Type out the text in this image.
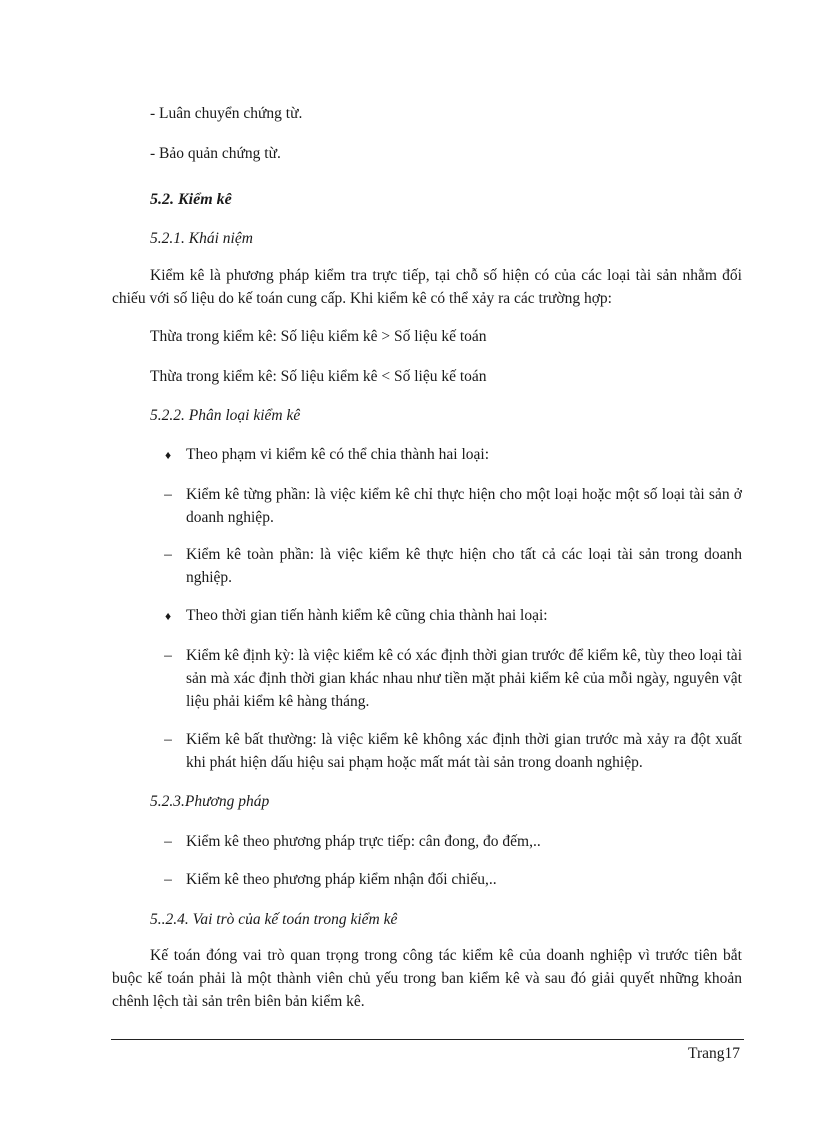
- Luân chuyển chứng từ.
- Bảo quản chứng từ.
5.2. Kiểm kê
5.2.1. Khái niệm
Kiểm kê là phương pháp kiểm tra trực tiếp, tại chỗ số hiện có của các loại tài sản nhằm đối chiếu với số liệu do kế toán cung cấp. Khi kiểm kê có thể xảy ra các trường hợp:
Thừa trong kiểm kê: Số liệu kiểm kê > Số liệu kế toán
Thừa trong kiểm kê: Số liệu kiểm kê < Số liệu kế toán
5.2.2. Phân loại kiểm kê
♦ Theo phạm vi kiểm kê có thể chia thành hai loại:
– Kiểm kê từng phần: là việc kiểm kê chỉ thực hiện cho một loại hoặc một số loại tài sản ở doanh nghiệp.
– Kiểm kê toàn phần: là việc kiểm kê thực hiện cho tất cả các loại tài sản trong doanh nghiệp.
♦ Theo thời gian tiến hành kiểm kê cũng chia thành hai loại:
– Kiểm kê định kỳ: là việc kiểm kê có xác định thời gian trước để kiểm kê, tùy theo loại tài sản mà xác định thời gian khác nhau như tiền mặt phải kiểm kê của mỗi ngày, nguyên vật liệu phải kiểm kê hàng tháng.
– Kiểm kê bất thường: là việc kiểm kê không xác định thời gian trước mà xảy ra đột xuất khi phát hiện dấu hiệu sai phạm hoặc mất mát tài sản trong doanh nghiệp.
5.2.3.Phương pháp
– Kiểm kê theo phương pháp trực tiếp: cân đong, đo đếm,..
– Kiểm kê theo phương pháp kiểm nhận đối chiếu,..
5..2.4. Vai trò của kế toán trong kiểm kê
Kế toán đóng vai trò quan trọng trong công tác kiểm kê của doanh nghiệp vì trước tiên bắt buộc kế toán phải là một thành viên chủ yếu trong ban kiểm kê và sau đó giải quyết những khoản chênh lệch tài sản trên biên bản kiểm kê.
Trang17
